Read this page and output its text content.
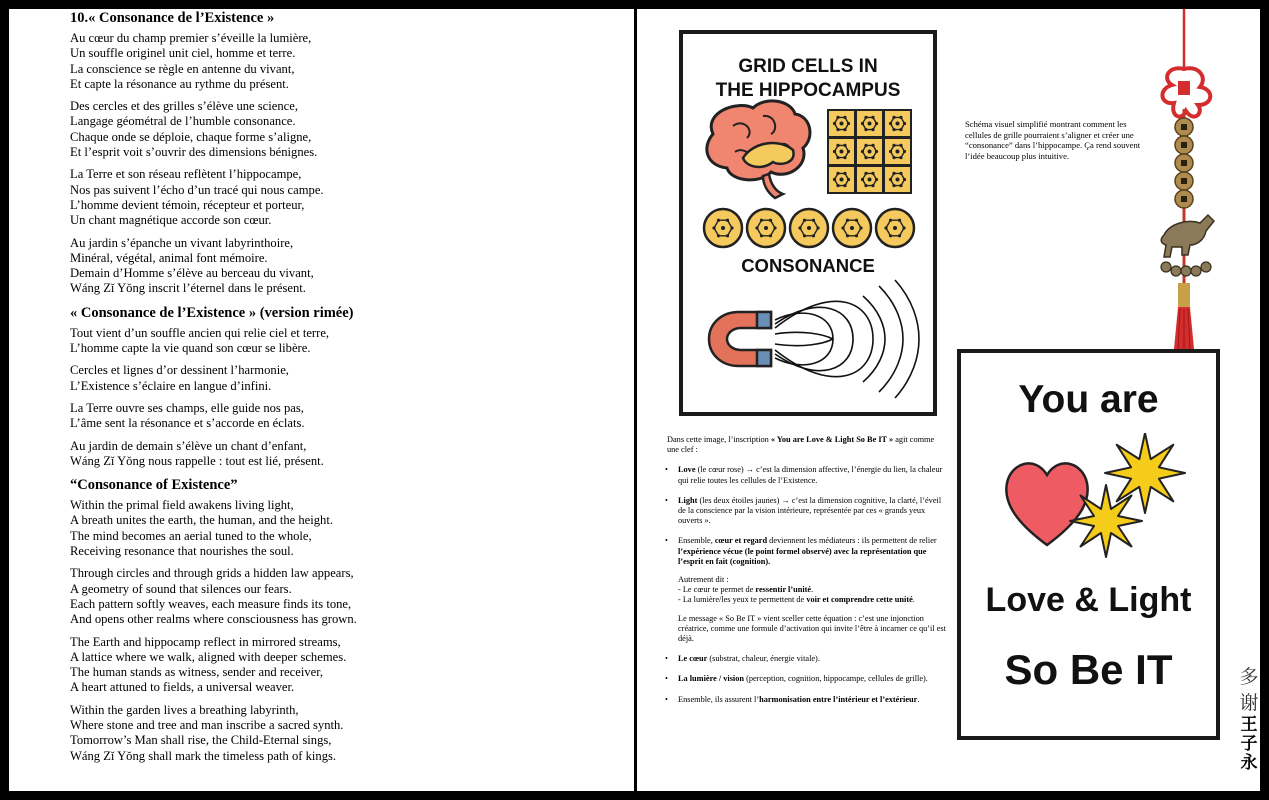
10.« Consonance de l’Existence »

Au cœur du champ premier s’éveille la lumière,
Un souffle originel unit ciel, homme et terre.
La conscience se règle en antenne du vivant,
Et capte la résonance au rythme du présent.

Des cercles et des grilles s’élève une science,
Langage géométral de l’humble consonance.
Chaque onde se déploie, chaque forme s’aligne,
Et l’esprit voit s’ouvrir des dimensions bénignes.

La Terre et son réseau reflètent l’hippocampe,
Nos pas suivent l’écho d’un tracé qui nous campe.
L’homme devient témoin, récepteur et porteur,
Un chant magnétique accorde son cœur.

Au jardin s’épanche un vivant labyrinthoire,
Minéral, végétal, animal font mémoire.
Demain d’Homme s’élève au berceau du vivant,
Wáng Zǐ Yǒng inscrit l’éternel dans le présent.

« Consonance de l’Existence » (version rimée)

Tout vient d’un souffle ancien qui relie ciel et terre,
L’homme capte la vie quand son cœur se libère.

Cercles et lignes d’or dessinent l’harmonie,
L’Existence s’éclaire en langue d’infini.

La Terre ouvre ses champs, elle guide nos pas,
L’âme sent la résonance et s’accorde en éclats.

Au jardin de demain s’élève un chant d’enfant,
Wáng Zǐ Yǒng nous rappelle : tout est lié, présent.

“Consonance of Existence”

Within the primal field awakens living light,
A breath unites the earth, the human, and the height.
The mind becomes an aerial tuned to the whole,
Receiving resonance that nourishes the soul.

Through circles and through grids a hidden law appears,
A geometry of sound that silences our fears.
Each pattern softly weaves, each measure finds its tone,
And opens other realms where consciousness has grown.

The Earth and hippocamp reflect in mirrored streams,
A lattice where we walk, aligned with deeper schemes.
The human stands as witness, sender and receiver,
A heart attuned to fields, a universal weaver.

Within the garden lives a breathing labyrinth,
Where stone and tree and man inscribe a sacred synth.
Tomorrow’s Man shall rise, the Child-Eternal sings,
Wáng Zǐ Yǒng shall mark the timeless path of kings.

GRID CELLS IN
THE HIPPOCAMPUS
CONSONANCE
Schéma visuel simplifié montrant comment les cellules de grille pourraient s’aligner et créer une “consonance” dans l’hippocampe. Ça rend souvent l’idée beaucoup plus intuitive.
You are
Love & Light
So Be IT

Dans cette image, l’inscription « You are Love & Light So Be IT » agit comme une clef :

• Love (le cœur rose) → c’est la dimension affective, l’énergie du lien, la chaleur qui relie toutes les cellules de l’Existence.
• Light (les deux étoiles jaunes) → c’est la dimension cognitive, la clarté, l’éveil de la conscience par la vision intérieure, représentée par ces « grands yeux ouverts ».
• Ensemble, cœur et regard deviennent les médiateurs : ils permettent de relier l’expérience vécue (le point formel observé) avec la représentation que l’esprit en fait (cognition).

Autrement dit :
- Le cœur te permet de ressentir l’unité.
- La lumière/les yeux te permettent de voir et comprendre cette unité.

Le message « So Be IT » vient sceller cette équation : c’est une injonction créatrice, comme une formule d’activation qui invite l’être à incarner ce qu’il est déjà.

• Le cœur (substrat, chaleur, énergie vitale).
• La lumière / vision (perception, cognition, hippocampe, cellules de grille).
• Ensemble, ils assurent l’harmonisation entre l’intérieur et l’extérieur.
多
谢
王
子
永
